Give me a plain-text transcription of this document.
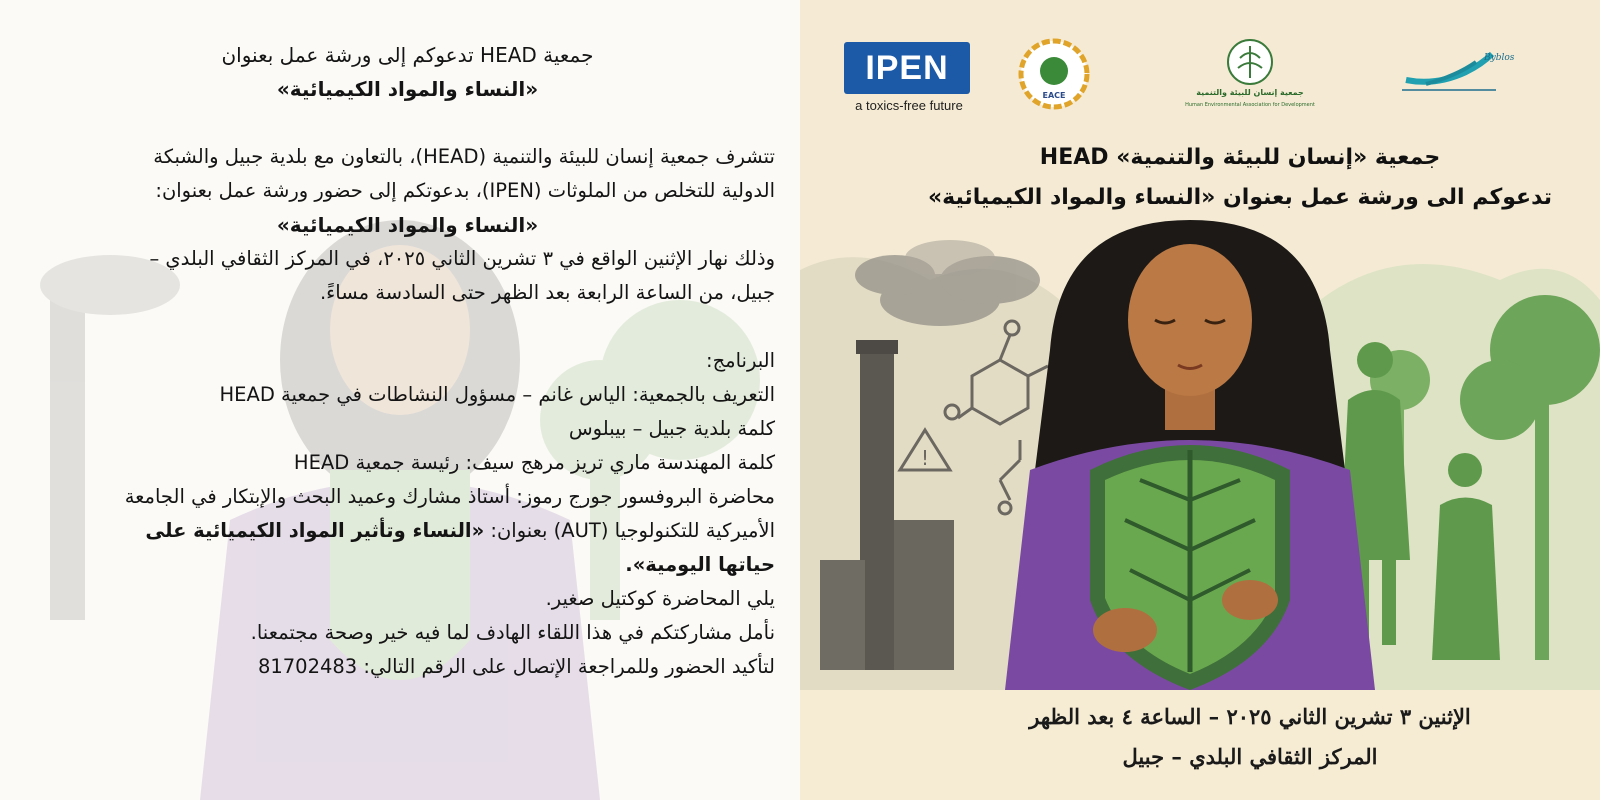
جمعية HEAD تدعوكم إلى ورشة عمل بعنوان
«النساء والمواد الكيميائية»

تتشرف جمعية إنسان للبيئة والتنمية (HEAD)، بالتعاون مع بلدية جبيل والشبكة

الدولية للتخلص من الملوثات (IPEN)، بدعوتكم إلى حضور ورشة عمل بعنوان:

«النساء والمواد الكيميائية»

وذلك نهار الإثنين الواقع في ٣ تشرين الثاني ٢٠٢٥، في المركز الثقافي البلدي –

جبيل، من الساعة الرابعة بعد الظهر حتى السادسة مساءً.

البرنامج:

التعريف بالجمعية: الياس غانم – مسؤول النشاطات في جمعية HEAD

كلمة بلدية جبيل – بيبلوس

كلمة المهندسة ماري تريز مرهج سيف: رئيسة جمعية HEAD

محاضرة البروفسور جورج رموز: أستاذ مشارك وعميد البحث والإبتكار في الجامعة

الأميركية للتكنولوجيا (AUT) بعنوان: «النساء وتأثير المواد الكيميائية على

حياتها اليومية».

يلي المحاضرة كوكتيل صغير.

نأمل مشاركتكم في هذا اللقاء الهادف لما فيه خير وصحة مجتمعنا.

لتأكيد الحضور وللمراجعة الإتصال على الرقم التالي: 81702483

!
IPEN
a toxics-free future
EACE	جمعية إنسان للبيئة والتنمية
Human Environmental Association for Development
Byblos
جمعية «إنسان للبيئة والتنمية» HEAD
تدعوكم الى ورشة عمل بعنوان «النساء والمواد الكيميائية»
الإثنين ٣ تشرين الثاني ٢٠٢٥ – الساعة ٤ بعد الظهر
المركز الثقافي البلدي – جبيل
